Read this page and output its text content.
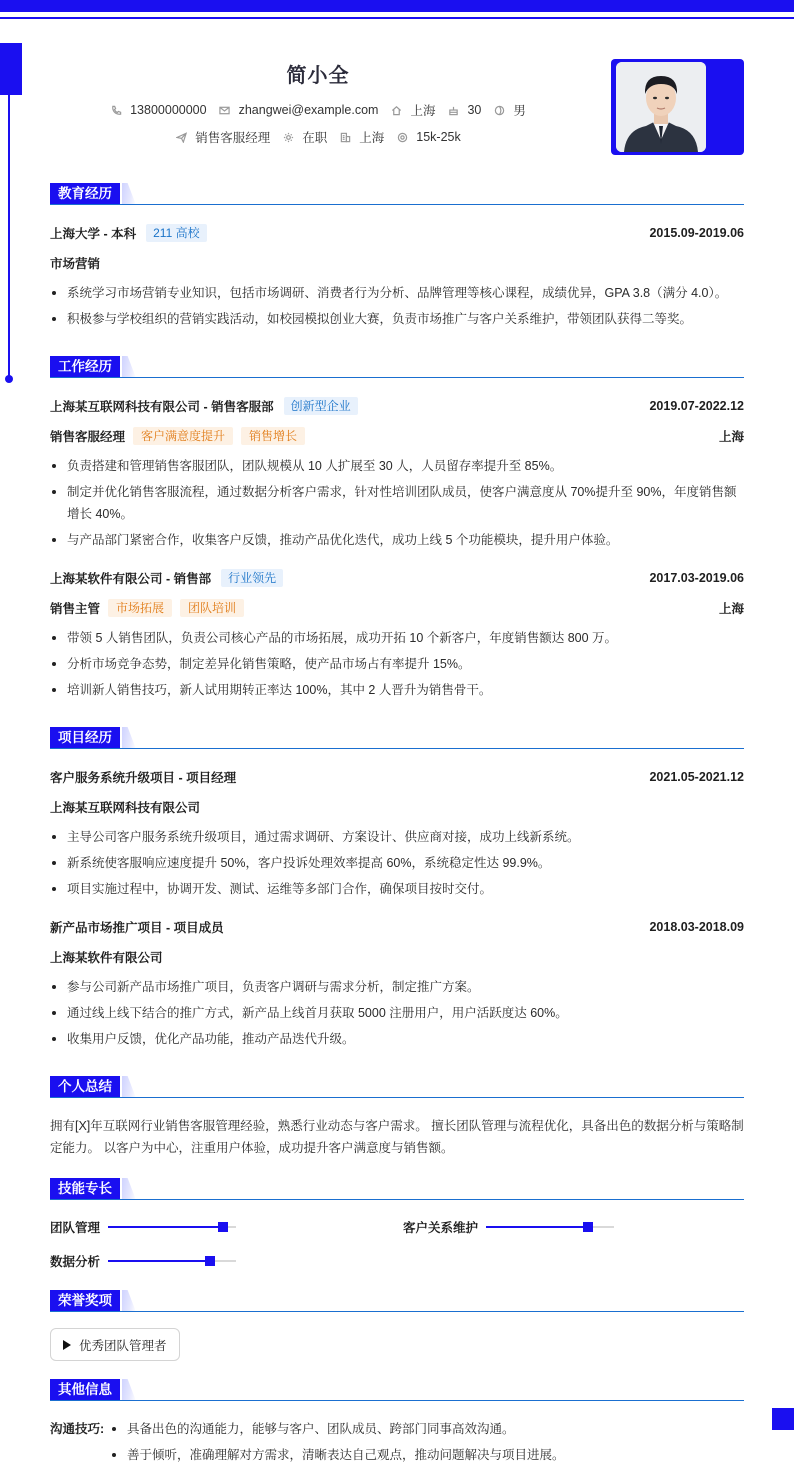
简小全
13800000000	zhangwei@example.com	上海	30	男
销售客服经理	在职	上海	15k-25k
教育经历
上海大学 - 本科	211 高校	2015.09-2019.06
市场营销
系统学习市场营销专业知识，包括市场调研、消费者行为分析、品牌管理等核心课程，成绩优异，GPA 3.8（满分 4.0）。
积极参与学校组织的营销实践活动，如校园模拟创业大赛，负责市场推广与客户关系维护，带领团队获得二等奖。
工作经历
上海某互联网科技有限公司 - 销售客服部	创新型企业	2019.07-2022.12
销售客服经理	客户满意度提升	销售增长	上海
负责搭建和管理销售客服团队，团队规模从 10 人扩展至 30 人，人员留存率提升至 85%。
制定并优化销售客服流程，通过数据分析客户需求，针对性培训团队成员，使客户满意度从 70%提升至 90%，年度销售额增长 40%。
与产品部门紧密合作，收集客户反馈，推动产品优化迭代，成功上线 5 个功能模块，提升用户体验。
上海某软件有限公司 - 销售部	行业领先	2017.03-2019.06
销售主管	市场拓展	团队培训	上海
带领 5 人销售团队，负责公司核心产品的市场拓展，成功开拓 10 个新客户，年度销售额达 800 万。
分析市场竞争态势，制定差异化销售策略，使产品市场占有率提升 15%。
培训新人销售技巧，新人试用期转正率达 100%，其中 2 人晋升为销售骨干。
项目经历
客户服务系统升级项目 - 项目经理	2021.05-2021.12
上海某互联网科技有限公司
主导公司客户服务系统升级项目，通过需求调研、方案设计、供应商对接，成功上线新系统。
新系统使客服响应速度提升 50%，客户投诉处理效率提高 60%，系统稳定性达 99.9%。
项目实施过程中，协调开发、测试、运维等多部门合作，确保项目按时交付。
新产品市场推广项目 - 项目成员	2018.03-2018.09
上海某软件有限公司
参与公司新产品市场推广项目，负责客户调研与需求分析，制定推广方案。
通过线上线下结合的推广方式，新产品上线首月获取 5000 注册用户，用户活跃度达 60%。
收集用户反馈，优化产品功能，推动产品迭代升级。
个人总结
拥有[X]年互联网行业销售客服管理经验，熟悉行业动态与客户需求。 擅长团队管理与流程优化，具备出色的数据分析与策略制定能力。 以客户为中心，注重用户体验，成功提升客户满意度与销售额。
技能专长
团队管理	客户关系维护
数据分析
荣誉奖项
优秀团队管理者
其他信息
沟通技巧:	具备出色的沟通能力，能够与客户、团队成员、跨部门同事高效沟通。
善于倾听，准确理解对方需求，清晰表达自己观点，推动问题解决与项目进展。
